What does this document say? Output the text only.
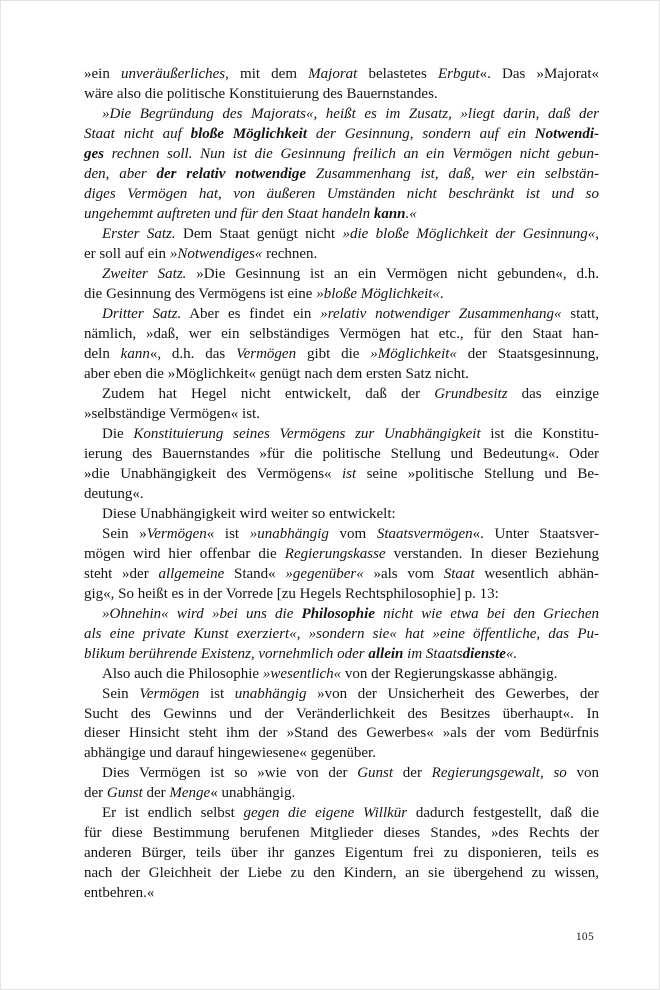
»ein unveräußerliches, mit dem Majorat belastetes Erbgut«. Das »Majorat«
wäre also die politische Konstituierung des Bauernstandes.
»Die Begründung des Majorats«, heißt es im Zusatz, »liegt darin, daß der
Staat nicht auf bloße Möglichkeit der Gesinnung, sondern auf ein Notwendi-
ges rechnen soll. Nun ist die Gesinnung freilich an ein Vermögen nicht gebun-
den, aber der relativ notwendige Zusammenhang ist, daß, wer ein selbstän-
diges Vermögen hat, von äußeren Umständen nicht beschränkt ist und so
ungehemmt auftreten und für den Staat handeln kann.«
Erster Satz. Dem Staat genügt nicht »die bloße Möglichkeit der Gesinnung«,
er soll auf ein »Notwendiges« rechnen.
Zweiter Satz. »Die Gesinnung ist an ein Vermögen nicht gebunden«, d.h.
die Gesinnung des Vermögens ist eine »bloße Möglichkeit«.
Dritter Satz. Aber es findet ein »relativ notwendiger Zusammenhang« statt,
nämlich, »daß, wer ein selbständiges Vermögen hat etc., für den Staat han-
deln kann«, d.h. das Vermögen gibt die »Möglichkeit« der Staatsgesinnung,
aber eben die »Möglichkeit« genügt nach dem ersten Satz nicht.
Zudem hat Hegel nicht entwickelt, daß der Grundbesitz das einzige
»selbständige Vermögen« ist.
Die Konstituierung seines Vermögens zur Unabhängigkeit ist die Konstitu-
ierung des Bauernstandes »für die politische Stellung und Bedeutung«. Oder
»die Unabhängigkeit des Vermögens« ist seine »politische Stellung und Be-
deutung«.
Diese Unabhängigkeit wird weiter so entwickelt:
Sein »Vermögen« ist »unabhängig vom Staatsvermögen«. Unter Staatsver-
mögen wird hier offenbar die Regierungskasse verstanden. In dieser Beziehung
steht »der allgemeine Stand« »gegenüber« »als vom Staat wesentlich abhän-
gig«, So heißt es in der Vorrede [zu Hegels Rechtsphilosophie] p. 13:
»Ohnehin« wird »bei uns die Philosophie nicht wie etwa bei den Griechen
als eine private Kunst exerziert«, »sondern sie« hat »eine öffentliche, das Pu-
blikum berührende Existenz, vornehmlich oder allein im Staatsdienste«.
Also auch die Philosophie »wesentlich« von der Regierungskasse abhängig.
Sein Vermögen ist unabhängig »von der Unsicherheit des Gewerbes, der
Sucht des Gewinns und der Veränderlichkeit des Besitzes überhaupt«. In
dieser Hinsicht steht ihm der »Stand des Gewerbes« »als der vom Bedürfnis
abhängige und darauf hingewiesene« gegenüber.
Dies Vermögen ist so »wie von der Gunst der Regierungsgewalt, so von
der Gunst der Menge« unabhängig.
Er ist endlich selbst gegen die eigene Willkür dadurch festgestellt, daß die
für diese Bestimmung berufenen Mitglieder dieses Standes, »des Rechts der
anderen Bürger, teils über ihr ganzes Eigentum frei zu disponieren, teils es
nach der Gleichheit der Liebe zu den Kindern, an sie übergehend zu wissen,
entbehren.«
105
